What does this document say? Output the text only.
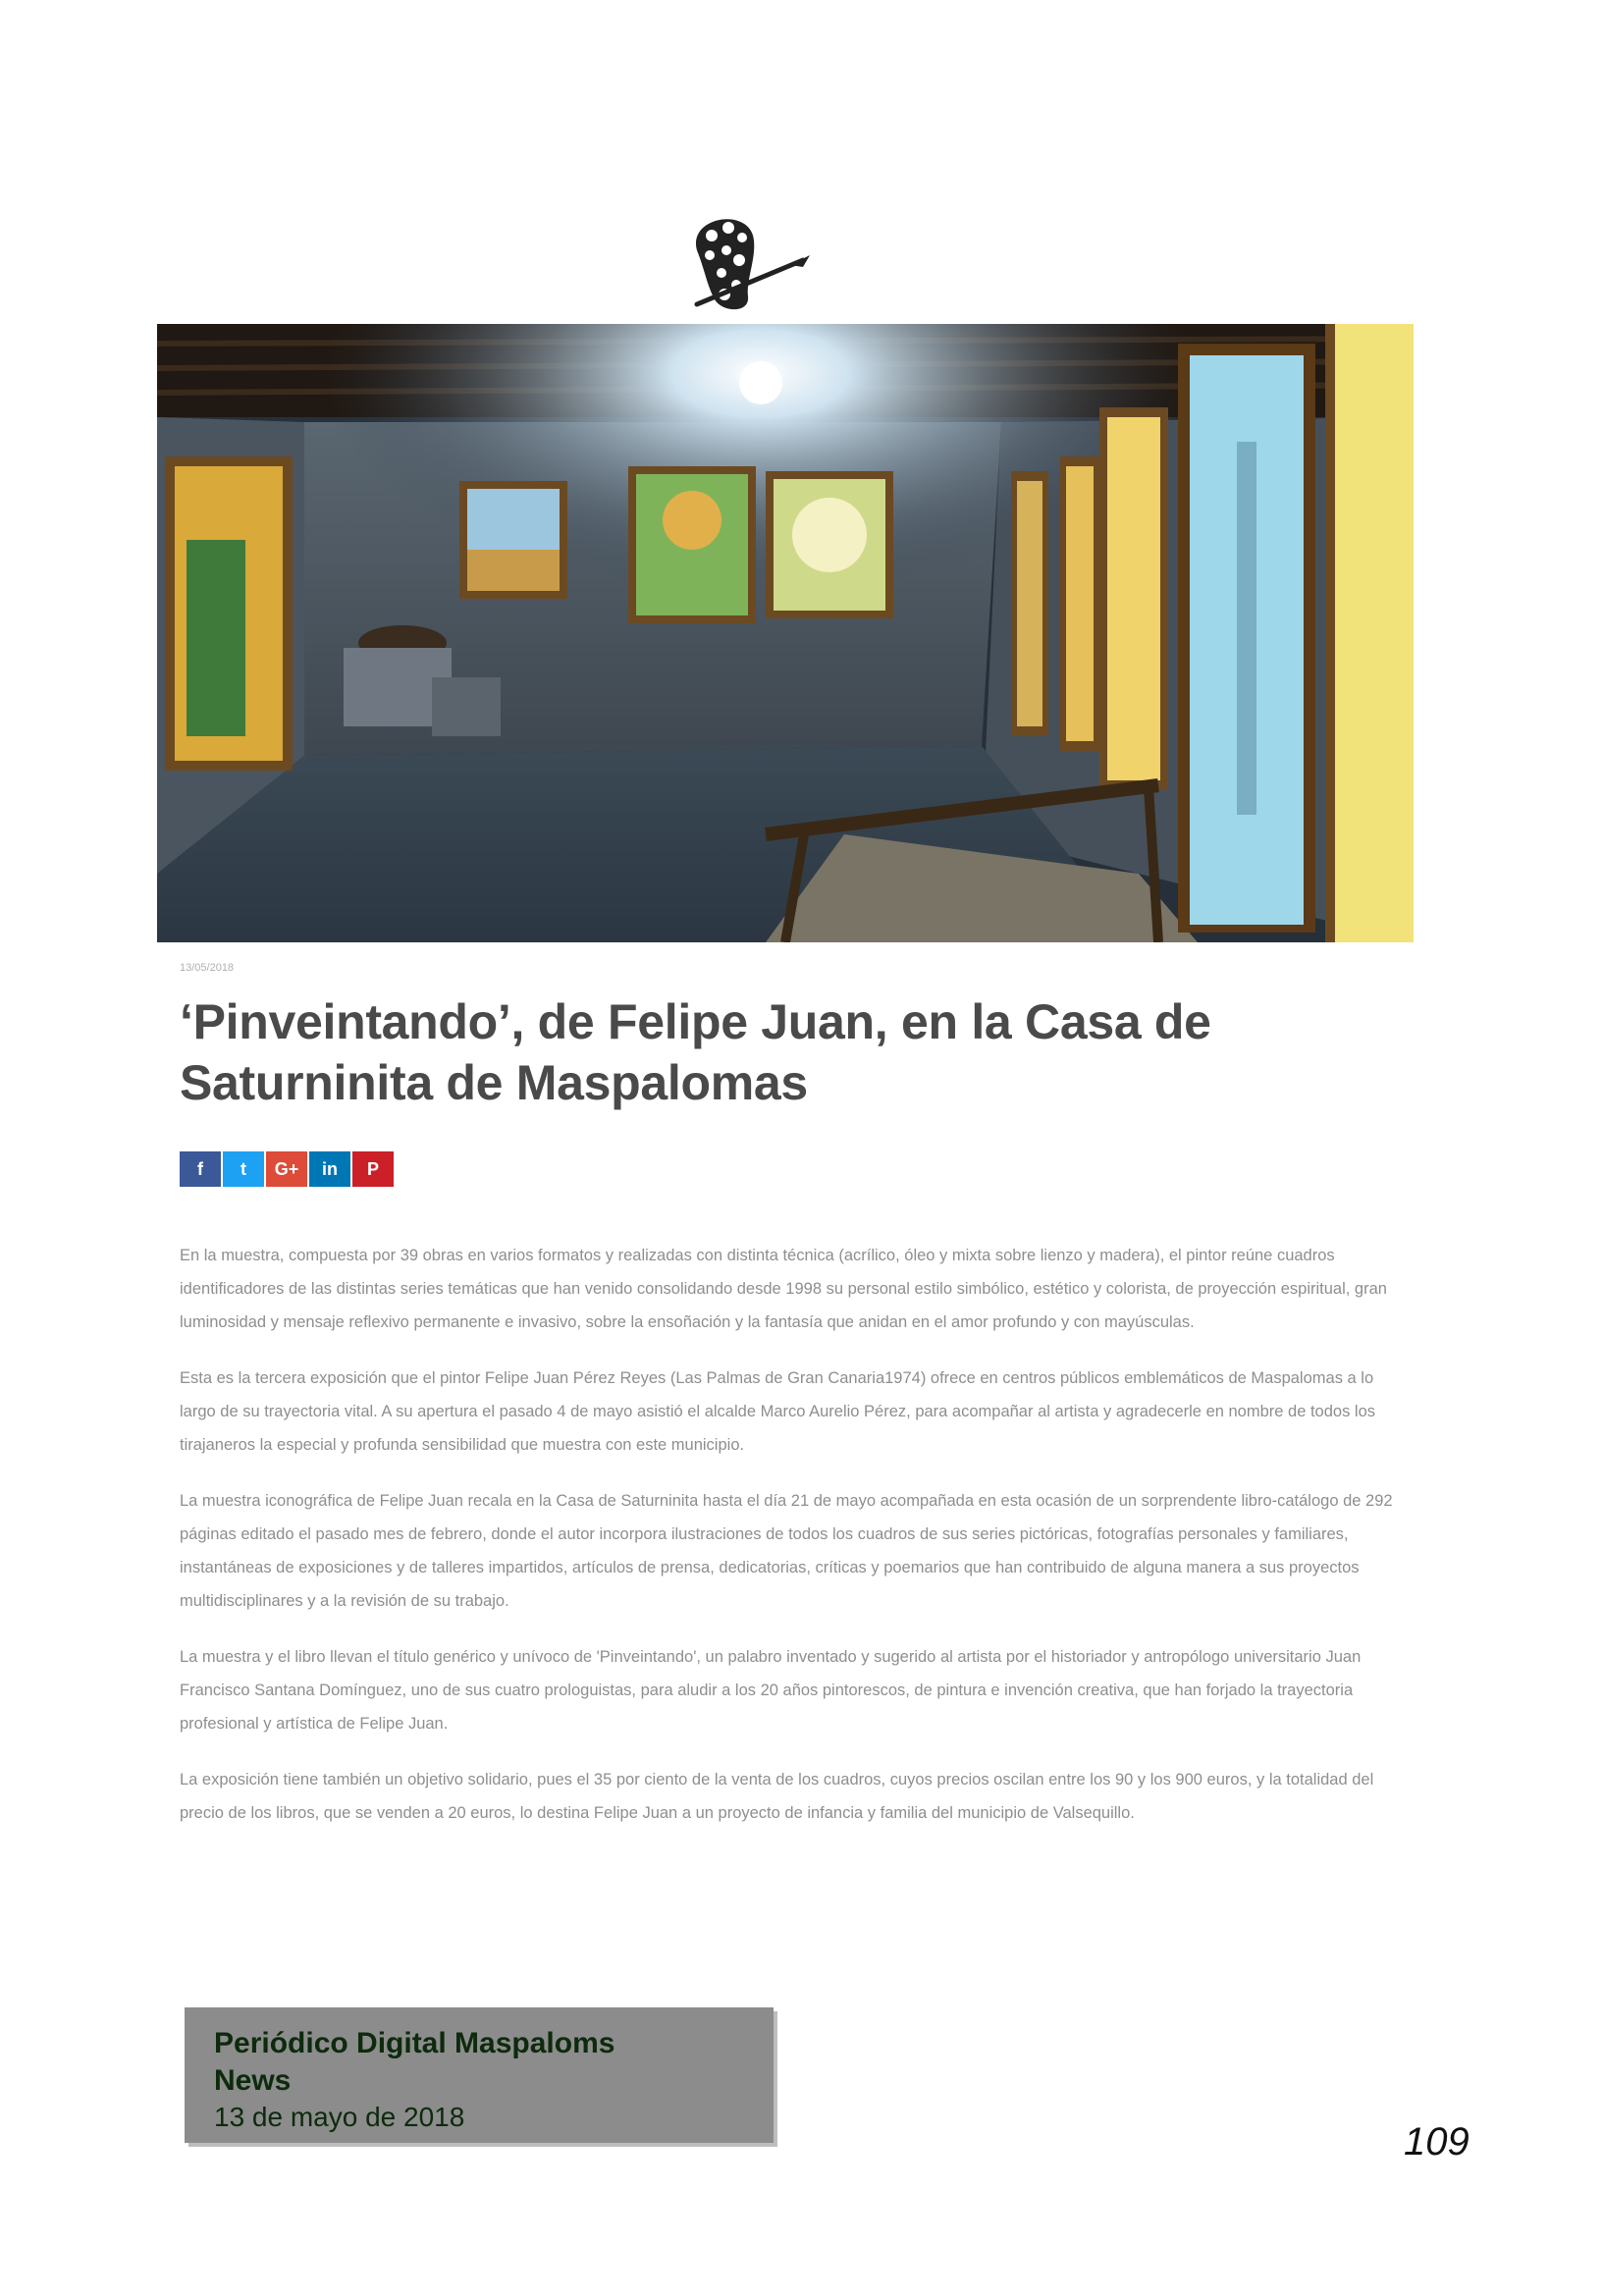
13/05/2018
‘Pinveintando’, de Felipe Juan, en la Casa de Saturninita de Maspalomas
f	t	G+	in	P

En la muestra, compuesta por 39 obras en varios formatos y realizadas con distinta técnica (acrílico, óleo y mixta sobre lienzo y madera), el pintor reúne cuadros identificadores de las distintas series temáticas que han venido consolidando desde 1998 su personal estilo simbólico, estético y colorista, de proyección espiritual, gran luminosidad y mensaje reflexivo permanente e invasivo, sobre la ensoñación y la fantasía que anidan en el amor profundo y con mayúsculas.

Esta es la tercera exposición que el pintor Felipe Juan Pérez Reyes (Las Palmas de Gran Canaria1974) ofrece en centros públicos emblemáticos de Maspalomas a lo largo de su trayectoria vital. A su apertura el pasado 4 de mayo asistió el alcalde Marco Aurelio Pérez, para acompañar al artista y agradecerle en nombre de todos los tirajaneros la especial y profunda sensibilidad que muestra con este municipio.

La muestra iconográfica de Felipe Juan recala en la Casa de Saturninita hasta el día 21 de mayo acompañada en esta ocasión de un sorprendente libro-catálogo de 292 páginas editado el pasado mes de febrero, donde el autor incorpora ilustraciones de todos los cuadros de sus series pictóricas, fotografías personales y familiares, instantáneas de exposiciones y de talleres impartidos, artículos de prensa, dedicatorias, críticas y poemarios que han contribuido de alguna manera a sus proyectos multidisciplinares y a la revisión de su trabajo.

La muestra y el libro llevan el título genérico y unívoco de 'Pinveintando', un palabro inventado y sugerido al artista por el historiador y antropólogo universitario Juan Francisco Santana Domínguez, uno de sus cuatro prologuistas, para aludir a los 20 años pintorescos, de pintura e invención creativa, que han forjado la trayectoria profesional y artística de Felipe Juan.

La exposición tiene también un objetivo solidario, pues el 35 por ciento de la venta de los cuadros, cuyos precios oscilan entre los 90 y los 900 euros, y la totalidad del precio de los libros, que se venden a 20 euros, lo destina Felipe Juan a un proyecto de infancia y familia del municipio de Valsequillo.

Periódico Digital Maspaloms
News
13 de mayo de 2018
109
